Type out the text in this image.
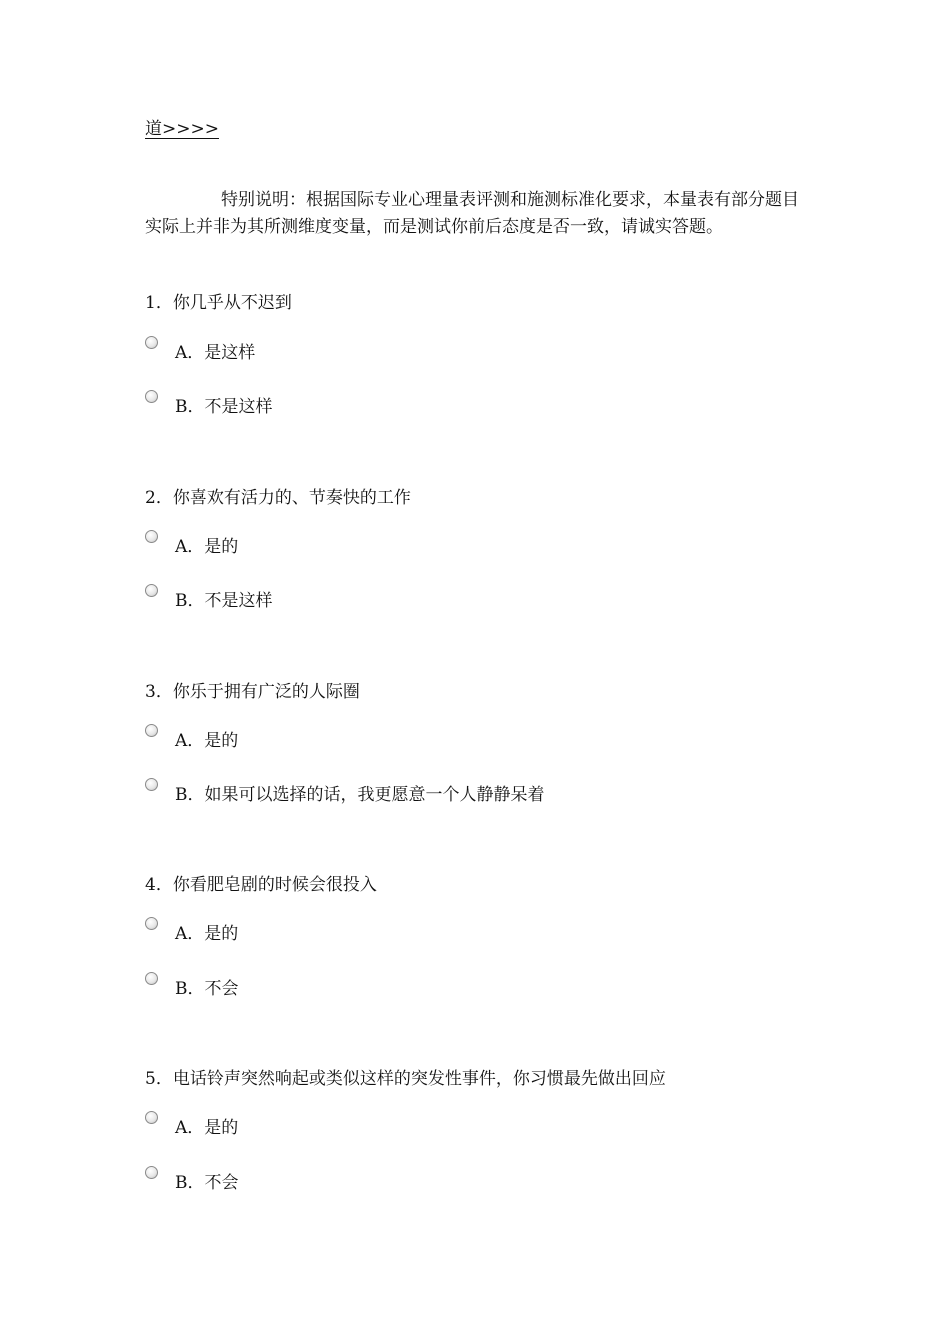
道>>>>
特别说明：根据国际专业心理量表评测和施测标准化要求，本量表有部分题目实际上并非为其所测维度变量，而是测试你前后态度是否一致，请诚实答题。
1．你几乎从不迟到
A．是这样
B．不是这样
2．你喜欢有活力的、节奏快的工作
A．是的
B．不是这样
3．你乐于拥有广泛的人际圈
A．是的
B．如果可以选择的话，我更愿意一个人静静呆着
4．你看肥皂剧的时候会很投入
A．是的
B．不会
5．电话铃声突然响起或类似这样的突发性事件，你习惯最先做出回应
A．是的
B．不会
